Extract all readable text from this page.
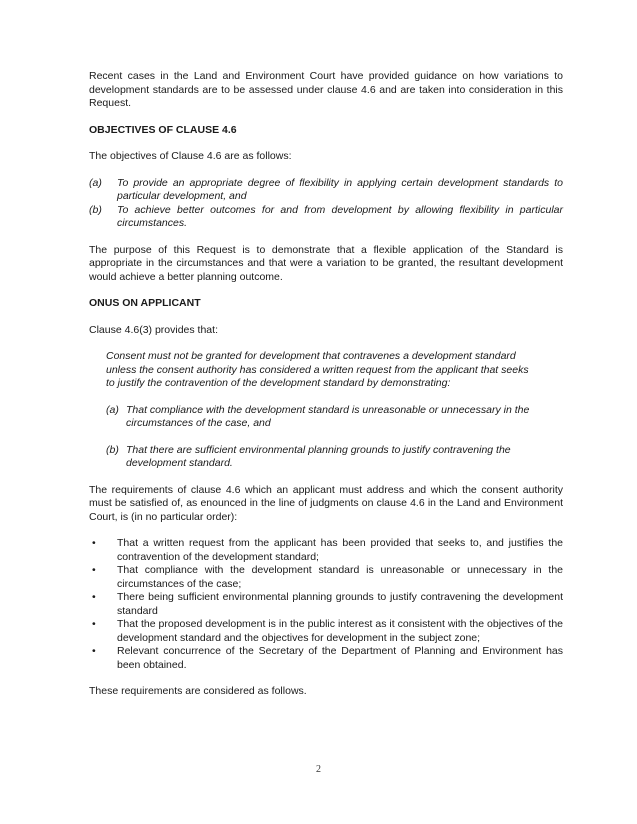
Recent cases in the Land and Environment Court have provided guidance on how variations to development standards are to be assessed under clause 4.6 and are taken into consideration in this Request.

OBJECTIVES OF CLAUSE 4.6

The objectives of Clause 4.6 are as follows:

(a)	To provide an appropriate degree of flexibility in applying certain development standards to particular development, and
(b)	To achieve better outcomes for and from development by allowing flexibility in particular circumstances.

The purpose of this Request is to demonstrate that a flexible application of the Standard is appropriate in the circumstances and that were a variation to be granted, the resultant development would achieve a better planning outcome.

ONUS ON APPLICANT

Clause 4.6(3) provides that:

Consent must not be granted for development that contravenes a development standard unless the consent authority has considered a written request from the applicant that seeks to justify the contravention of the development standard by demonstrating:

(a) That compliance with the development standard is unreasonable or unnecessary in the circumstances of the case, and
(b) That there are sufficient environmental planning grounds to justify contravening the development standard.

The requirements of clause 4.6 which an applicant must address and which the consent authority must be satisfied of, as enounced in the line of judgments on clause 4.6 in the Land and Environment Court, is (in no particular order):

•	That a written request from the applicant has been provided that seeks to, and justifies the contravention of the development standard;
•	That compliance with the development standard is unreasonable or unnecessary in the circumstances of the case;
•	There being sufficient environmental planning grounds to justify contravening the development standard
•	That the proposed development is in the public interest as it consistent with the objectives of the development standard and the objectives for development in the subject zone;
•	Relevant concurrence of the Secretary of the Department of Planning and Environment has been obtained.

These requirements are considered as follows.

2
